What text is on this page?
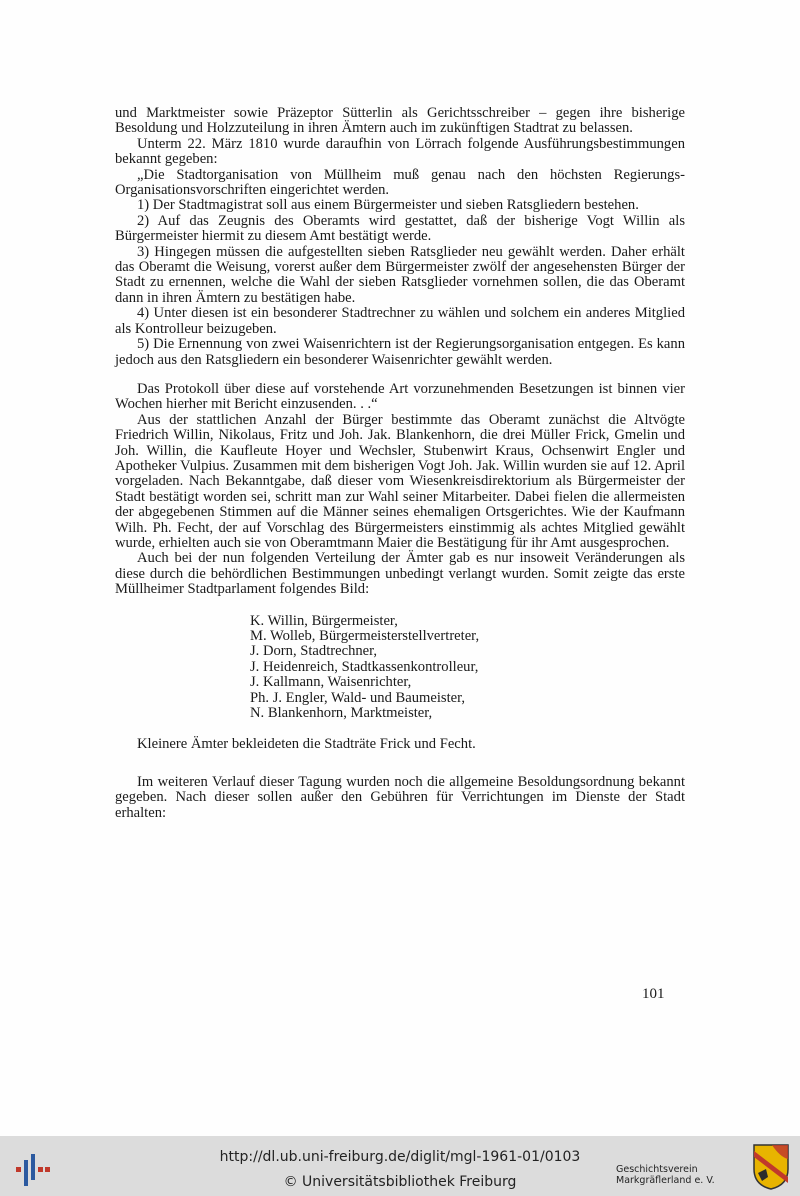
und Marktmeister sowie Präzeptor Sütterlin als Gerichtsschreiber – gegen ihre bisherige Besoldung und Holzzuteilung in ihren Ämtern auch im zukünftigen Stadtrat zu belassen.

Unterm 22. März 1810 wurde daraufhin von Lörrach folgende Ausführungsbestimmungen bekannt gegeben:

„Die Stadtorganisation von Müllheim muß genau nach den höchsten Regierungs-Organisationsvorschriften eingerichtet werden.

1) Der Stadtmagistrat soll aus einem Bürgermeister und sieben Ratsgliedern bestehen.

2) Auf das Zeugnis des Oberamts wird gestattet, daß der bisherige Vogt Willin als Bürgermeister hiermit zu diesem Amt bestätigt werde.

3) Hingegen müssen die aufgestellten sieben Ratsglieder neu gewählt werden. Daher erhält das Oberamt die Weisung, vorerst außer dem Bürgermeister zwölf der angesehensten Bürger der Stadt zu ernennen, welche die Wahl der sieben Ratsglieder vornehmen sollen, die das Oberamt dann in ihren Ämtern zu bestätigen habe.

4) Unter diesen ist ein besonderer Stadtrechner zu wählen und solchem ein anderes Mitglied als Kontrolleur beizugeben.

5) Die Ernennung von zwei Waisenrichtern ist der Regierungsorganisation entgegen. Es kann jedoch aus den Ratsgliedern ein besonderer Waisenrichter gewählt werden.

Das Protokoll über diese auf vorstehende Art vorzunehmenden Besetzungen ist binnen vier Wochen hierher mit Bericht einzusenden. . .“

Aus der stattlichen Anzahl der Bürger bestimmte das Oberamt zunächst die Altvögte Friedrich Willin, Nikolaus, Fritz und Joh. Jak. Blankenhorn, die drei Müller Frick, Gmelin und Joh. Willin, die Kaufleute Hoyer und Wechsler, Stubenwirt Kraus, Ochsenwirt Engler und Apotheker Vulpius. Zusammen mit dem bisherigen Vogt Joh. Jak. Willin wurden sie auf 12. April vorgeladen. Nach Bekanntgabe, daß dieser vom Wiesenkreisdirektorium als Bürgermeister der Stadt bestätigt worden sei, schritt man zur Wahl seiner Mitarbeiter. Dabei fielen die allermeisten der abgegebenen Stimmen auf die Männer seines ehemaligen Ortsgerichtes. Wie der Kaufmann Wilh. Ph. Fecht, der auf Vorschlag des Bürgermeisters einstimmig als achtes Mitglied gewählt wurde, erhielten auch sie von Oberamtmann Maier die Bestätigung für ihr Amt ausgesprochen.

Auch bei der nun folgenden Verteilung der Ämter gab es nur insoweit Veränderungen als diese durch die behördlichen Bestimmungen unbedingt verlangt wurden. Somit zeigte das erste Müllheimer Stadtparlament folgendes Bild:

K. Willin, Bürgermeister,
M. Wolleb, Bürgermeisterstellvertreter,
J. Dorn, Stadtrechner,
J. Heidenreich, Stadtkassenkontrolleur,
J. Kallmann, Waisenrichter,
Ph. J. Engler, Wald- und Baumeister,
N. Blankenhorn, Marktmeister,

Kleinere Ämter bekleideten die Stadträte Frick und Fecht.

Im weiteren Verlauf dieser Tagung wurden noch die allgemeine Besoldungsordnung bekannt gegeben. Nach dieser sollen außer den Gebühren für Verrichtungen im Dienste der Stadt erhalten:

101
http://dl.ub.uni-freiburg.de/diglit/mgl-1961-01/0103
© Universitätsbibliothek Freiburg
Geschichtsverein
Markgräflerland e. V.
